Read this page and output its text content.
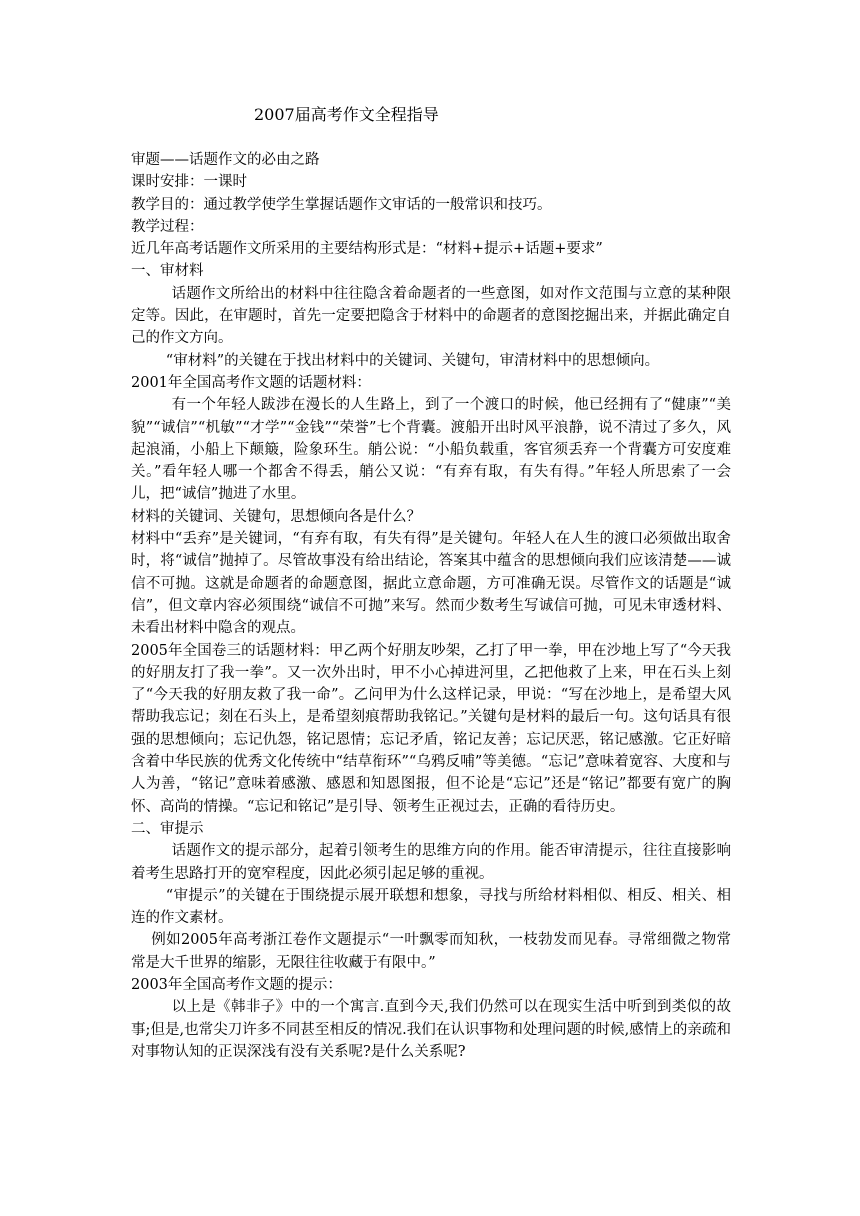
2007届高考作文全程指导

审题——话题作文的必由之路

课时安排：一课时

教学目的：通过教学使学生掌握话题作文审话的一般常识和技巧。

教学过程：

近几年高考话题作文所采用的主要结构形式是：“材料+提示+话题+要求”

一、审材料

话题作文所给出的材料中往往隐含着命题者的一些意图，如对作文范围与立意的某种限定等。因此，在审题时，首先一定要把隐含于材料中的命题者的意图挖掘出来，并据此确定自己的作文方向。

“审材料”的关键在于找出材料中的关键词、关键句，审清材料中的思想倾向。

2001年全国高考作文题的话题材料：

有一个年轻人跋涉在漫长的人生路上，到了一个渡口的时候，他已经拥有了“健康”“美貌”“诚信”“机敏”“才学”“金钱”“荣誉”七个背囊。渡船开出时风平浪静，说不清过了多久，风起浪涌，小船上下颠簸，险象环生。艄公说：“小船负载重，客官须丢弃一个背囊方可安度难关。”看年轻人哪一个都舍不得丢，艄公又说：“有弃有取，有失有得。”年轻人所思索了一会儿，把“诚信”抛进了水里。

材料的关键词、关键句，思想倾向各是什么？

材料中“丢弃”是关键词，“有弃有取，有失有得”是关键句。年轻人在人生的渡口必须做出取舍时，将“诚信”抛掉了。尽管故事没有给出结论，答案其中蕴含的思想倾向我们应该清楚——诚信不可抛。这就是命题者的命题意图，据此立意命题，方可准确无误。尽管作文的话题是“诚信”，但文章内容必须围绕“诚信不可抛”来写。然而少数考生写诚信可抛，可见未审透材料、未看出材料中隐含的观点。

2005年全国卷三的话题材料：甲乙两个好朋友吵架，乙打了甲一拳，甲在沙地上写了“今天我的好朋友打了我一拳”。又一次外出时，甲不小心掉进河里，乙把他救了上来，甲在石头上刻了“今天我的好朋友救了我一命”。乙问甲为什么这样记录，甲说：“写在沙地上，是希望大风帮助我忘记；刻在石头上，是希望刻痕帮助我铭记。”关键句是材料的最后一句。这句话具有很强的思想倾向；忘记仇怨，铭记恩情；忘记矛盾，铭记友善；忘记厌恶，铭记感激。它正好暗含着中华民族的优秀文化传统中“结草衔环”“乌鸦反哺”等美德。“忘记”意味着宽容、大度和与人为善，“铭记”意味着感激、感恩和知恩图报，但不论是“忘记”还是“铭记”都要有宽广的胸怀、高尚的情操。“忘记和铭记”是引导、领考生正视过去，正确的看待历史。

二、审提示

话题作文的提示部分，起着引领考生的思维方向的作用。能否审清提示，往往直接影响着考生思路打开的宽窄程度，因此必须引起足够的重视。

“审提示”的关键在于围绕提示展开联想和想象，寻找与所给材料相似、相反、相关、相连的作文素材。

例如2005年高考浙江卷作文题提示“一叶飘零而知秋，一枝勃发而见春。寻常细微之物常常是大千世界的缩影，无限往往收藏于有限中。”

2003年全国高考作文题的提示：

以上是《韩非子》中的一个寓言.直到今天,我们仍然可以在现实生活中听到到类似的故事;但是,也常尖刀许多不同甚至相反的情况.我们在认识事物和处理问题的时候,感情上的亲疏和对事物认知的正误深浅有没有关系呢?是什么关系呢?
